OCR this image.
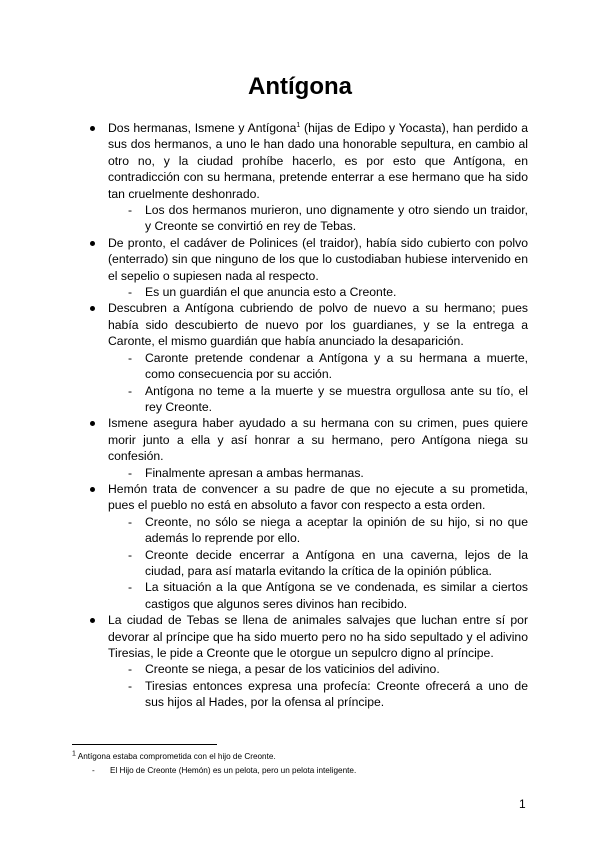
Antígona
Dos hermanas, Ismene y Antígona$^1$ (hijas de Edipo y Yocasta), han perdido a sus dos hermanos, a uno le han dado una honorable sepultura, en cambio al otro no, y la ciudad prohíbe hacerlo, es por esto que Antígona, en contradicción con su hermana, pretende enterrar a ese hermano que ha sido tan cruelmente deshonrado.
- Los dos hermanos murieron, uno dignamente y otro siendo un traidor, y Creonte se convirtió en rey de Tebas.
De pronto, el cadáver de Polinices (el traidor), había sido cubierto con polvo (enterrado) sin que ninguno de los que lo custodiaban hubiese intervenido en el sepelio o supiesen nada al respecto.
- Es un guardián el que anuncia esto a Creonte.
Descubren a Antígona cubriendo de polvo de nuevo a su hermano; pues había sido descubierto de nuevo por los guardianes, y se la entrega a Caronte, el mismo guardián que había anunciado la desaparición.
- Caronte pretende condenar a Antígona y a su hermana a muerte, como consecuencia por su acción.
- Antígona no teme a la muerte y se muestra orgullosa ante su tío, el rey Creonte.
Ismene asegura haber ayudado a su hermana con su crimen, pues quiere morir junto a ella y así honrar a su hermano, pero Antígona niega su confesión.
- Finalmente apresan a ambas hermanas.
Hemón trata de convencer a su padre de que no ejecute a su prometida, pues el pueblo no está en absoluto a favor con respecto a esta orden.
- Creonte, no sólo se niega a aceptar la opinión de su hijo, si no que además lo reprende por ello.
- Creonte decide encerrar a Antígona en una caverna, lejos de la ciudad, para así matarla evitando la crítica de la opinión pública.
- La situación a la que Antígona se ve condenada, es similar a ciertos castigos que algunos seres divinos han recibido.
La ciudad de Tebas se llena de animales salvajes que luchan entre sí por devorar al príncipe que ha sido muerto pero no ha sido sepultado y el adivino Tiresias, le pide a Creonte que le otorgue un sepulcro digno al príncipe.
- Creonte se niega, a pesar de los vaticinios del adivino.
- Tiresias entonces expresa una profecía: Creonte ofrecerá a uno de sus hijos al Hades, por la ofensa al príncipe.
$^1$ Antígona estaba comprometida con el hijo de Creonte.
- El Hijo de Creonte (Hemón) es un pelota, pero un pelota inteligente.
1
